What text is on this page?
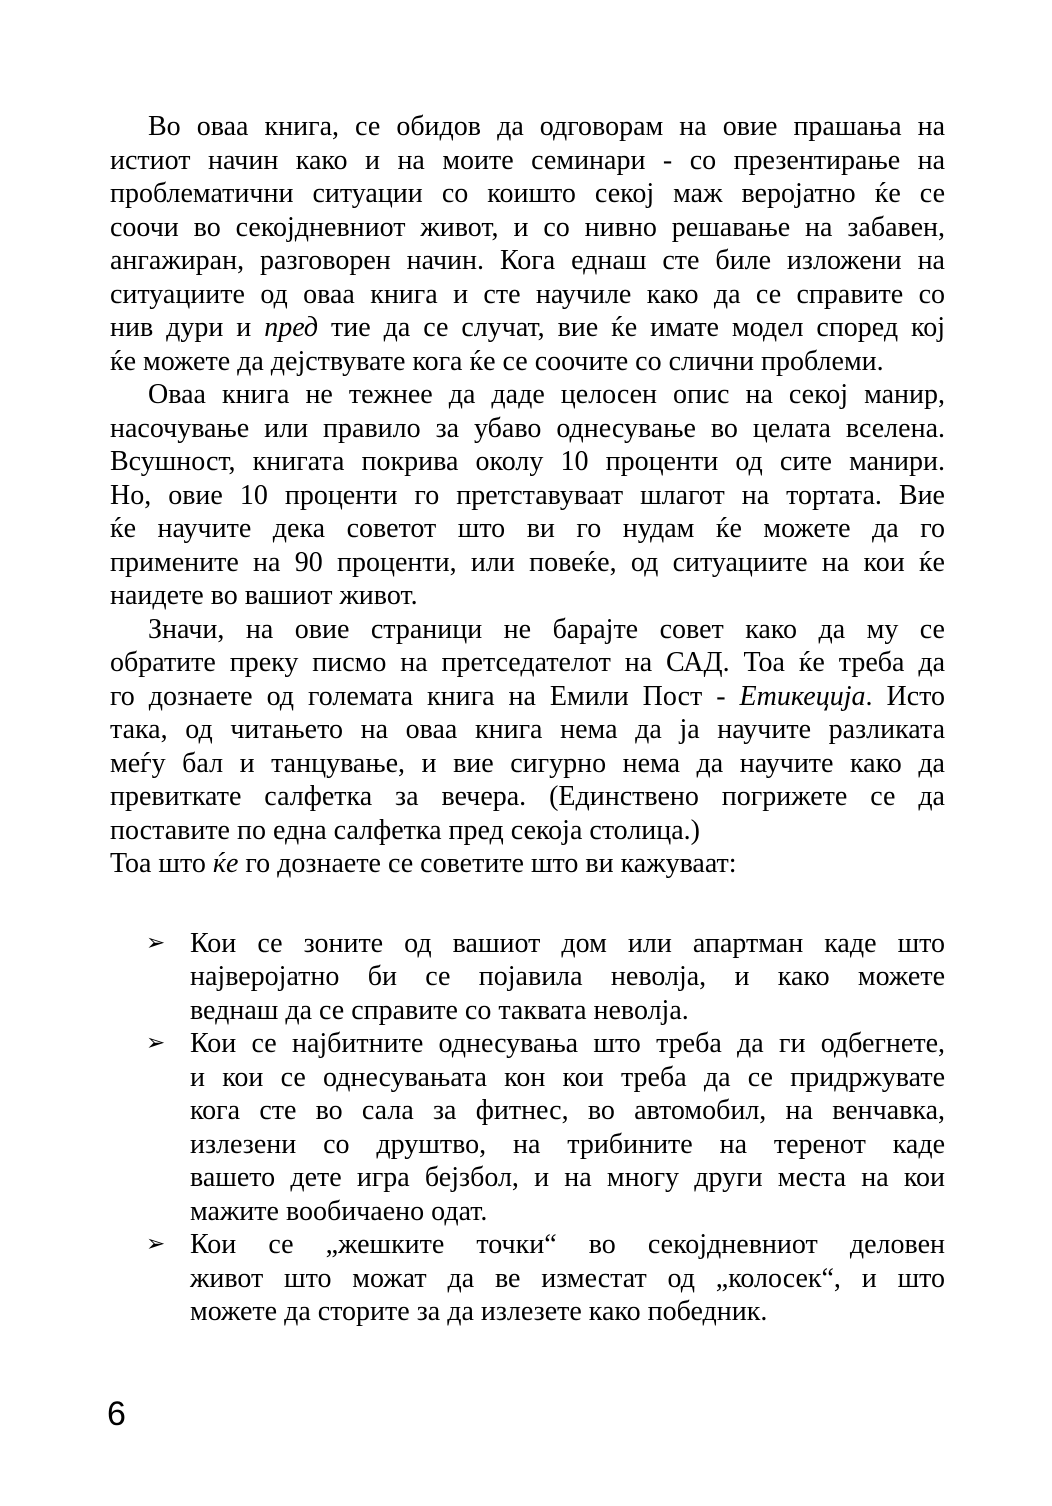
Во оваа книга, се обидов да одговорам на овие прашања на
истиот начин како и на моите семинари - со презентирање на
проблематични ситуации со коишто секој маж веројатно ќе се
соочи во секојдневниот живот, и со нивно решавање на забавен,
ангажиран, разговорен начин. Кога еднаш сте биле изложени на
ситуациите од оваа книга и сте научиле како да се справите со
нив дури и пред тие да се случат, вие ќе имате модел според кој
ќе можете да дејствувате кога ќе се соочите со слични проблеми.
Оваа книга не тежнее да даде целосен опис на секој манир,
насочување или правило за убаво однесување во целата вселена.
Всушност, книгата покрива околу 10 проценти од сите манири.
Но, овие 10 проценти го претставуваат шлагот на тортата. Вие
ќе научите дека советот што ви го нудам ќе можете да го
примените на 90 проценти, или повеќе, од ситуациите на кои ќе
наидете во вашиот живот.
Значи, на овие страници не барајте совет како да му се
обратите преку писмо на претседателот на САД. Тоа ќе треба да
го дознаете од големата книга на Емили Пост - Етикеција. Исто
така, од читањето на оваа книга нема да ја научите разликата
меѓу бал и танцување, и вие сигурно нема да научите како да
превиткате салфетка за вечера. (Единствено погрижете се да
поставите по една салфетка пред секоја столица.)
Тоа што ќе го дознаете се советите што ви кажуваат:
➢ Кои се зоните од вашиот дом или апартман каде што
најверојатно би се појавила неволја, и како можете
веднаш да се справите со таквата неволја.
➢ Кои се најбитните однесувања што треба да ги одбегнете,
и кои се однесувањата кон кои треба да се придржувате
кога сте во сала за фитнес, во автомобил, на венчавка,
излезени со друштво, на трибините на теренот каде
вашето дете игра бејзбол, и на многу други места на кои
мажите вообичаено одат.
➢ Кои се „жешките точки“ во секојдневниот деловен
живот што можат да ве изместат од „колосек“, и што
можете да сторите за да излезете како победник.
6
